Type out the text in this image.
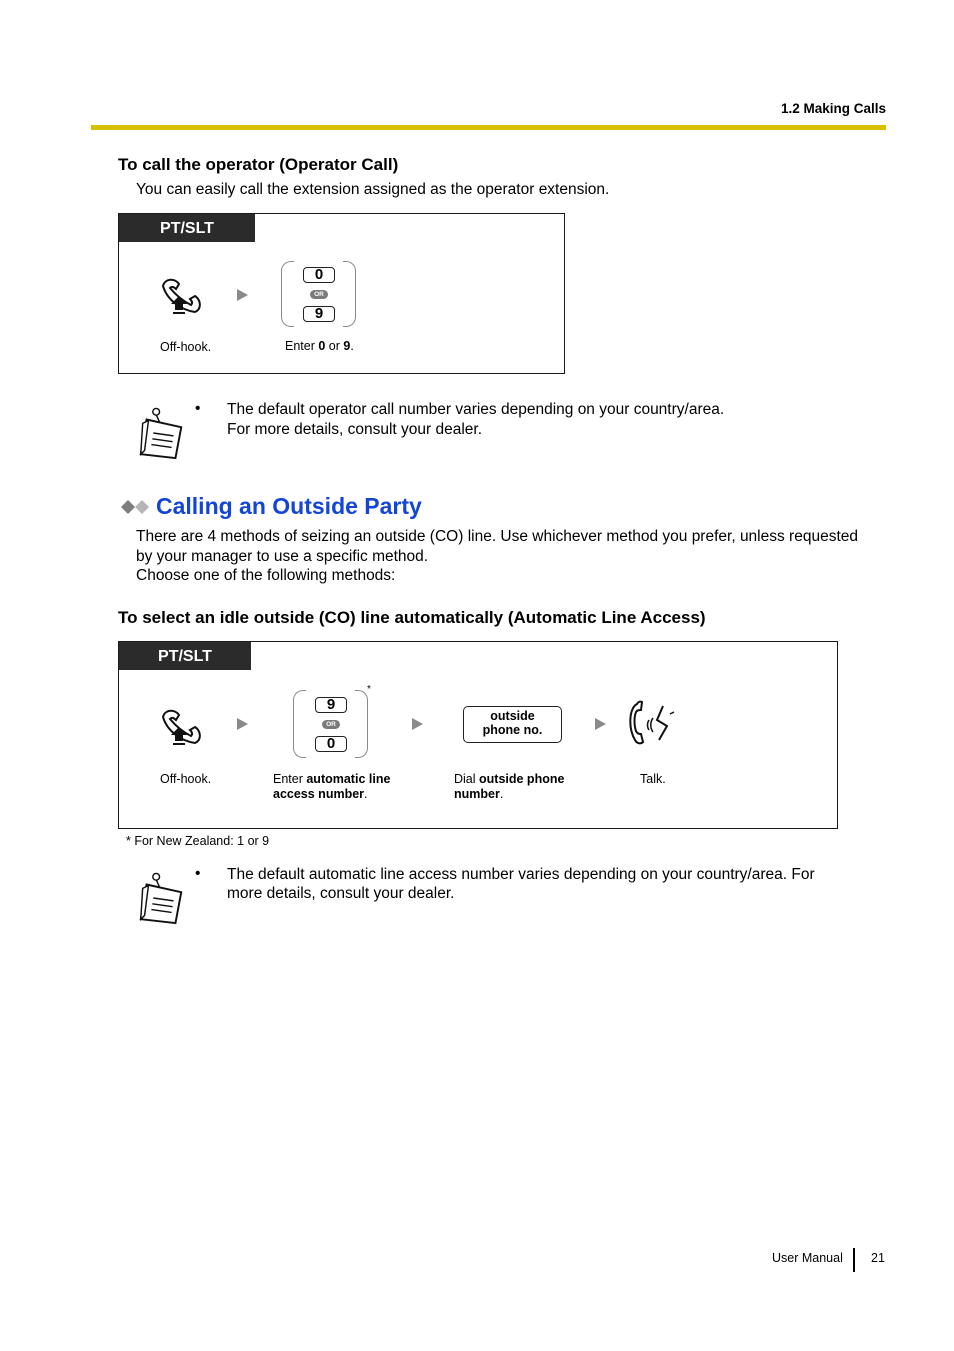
1.2 Making Calls
To call the operator (Operator Call)
You can easily call the extension assigned as the operator extension.
PT/SLT
0
OR
9
Off-hook.	Enter 0 or 9.
• The default operator call number varies depending on your country/area.
For more details, consult your dealer.
Calling an Outside Party
There are 4 methods of seizing an outside (CO) line. Use whichever method you prefer, unless requested
by your manager to use a specific method.
Choose one of the following methods:
To select an idle outside (CO) line automatically (Automatic Line Access)
PT/SLT
9
OR
0
*
outside
phone no.
Off-hook.	Enter automatic line
access number.
Dial outside phone
number.
Talk.
* For New Zealand: 1 or 9
• The default automatic line access number varies depending on your country/area. For
more details, consult your dealer.
User Manual 21
